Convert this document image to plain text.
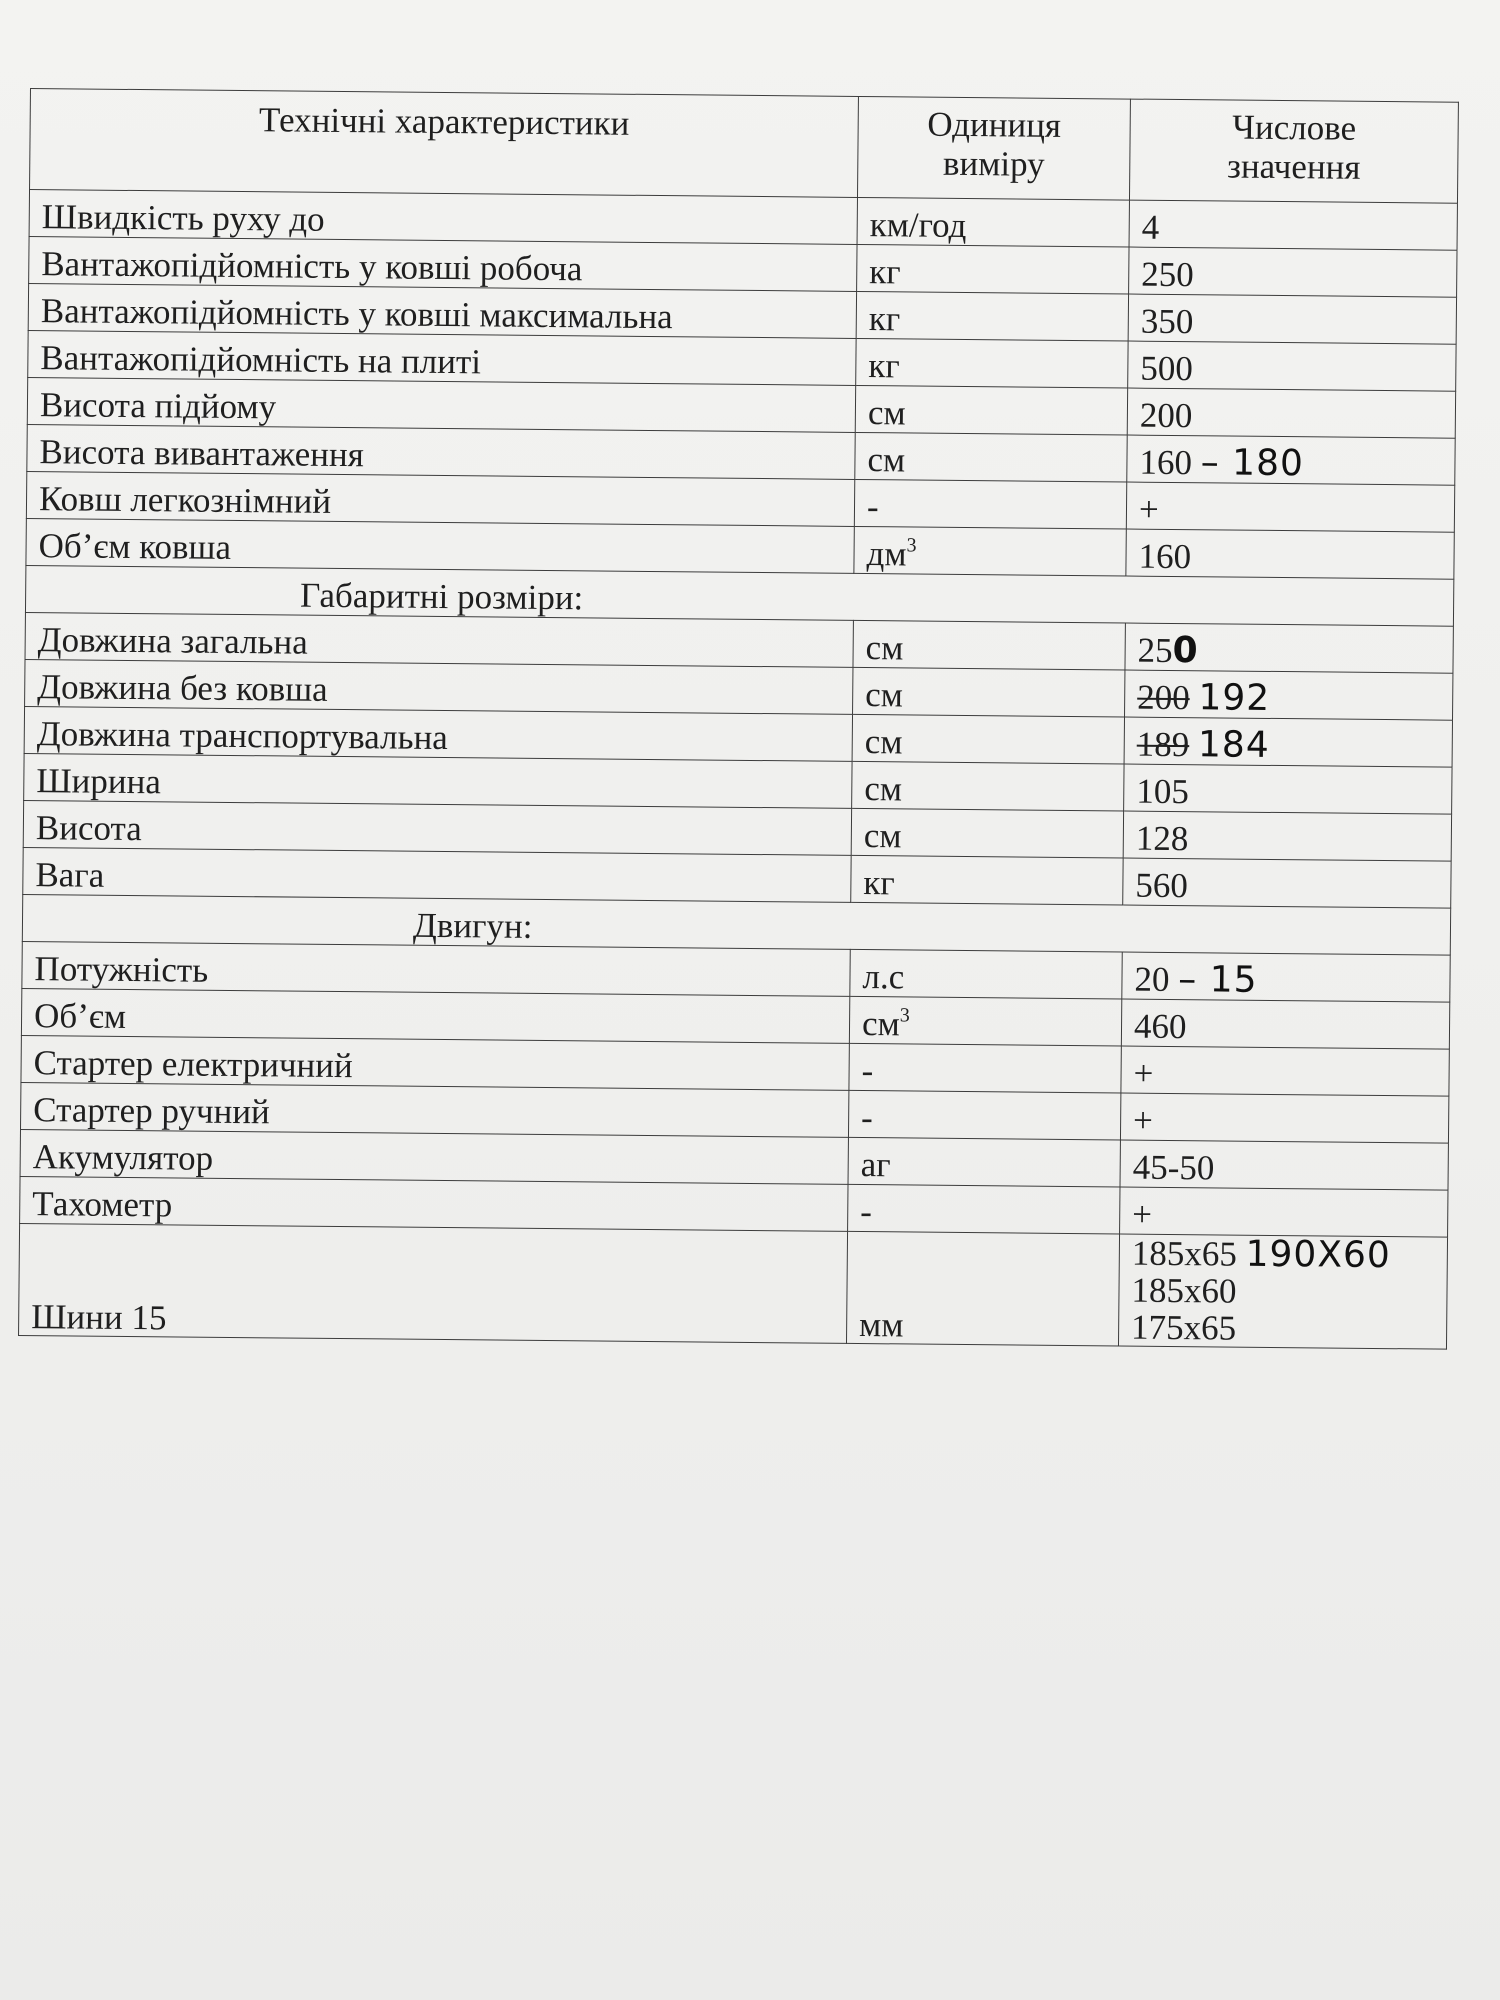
Технічні характеристики	Одиниця виміру	Числове значення
Швидкість руху до	км/год	4
Вантажопідйомність у ковші робоча	кг	250
Вантажопідйомність у ковші максимальна	кг	350
Вантажопідйомність на плиті	кг	500
Висота підйому	см	200
Висота вивантаження	см	160 – 180
Ковш легкознімний	-	+
Об’єм ковша	$дм^3$	160
Габаритні розміри:		
Довжина загальна	см	250
Довжина без ковша	см	200 192
Довжина транспортувальна	см	189 184
Ширина	см	105
Висота	см	128
Вага	кг	560
Двигун:		
Потужність	л.с	20 – 15
Об’єм	$см^3$	460
Стартер електричний	-	+
Стартер ручний	-	+
Акумулятор	аг	45-50
Тахометр	-	+
Шини 15	мм	185x65 190X60
185x60
175x65
